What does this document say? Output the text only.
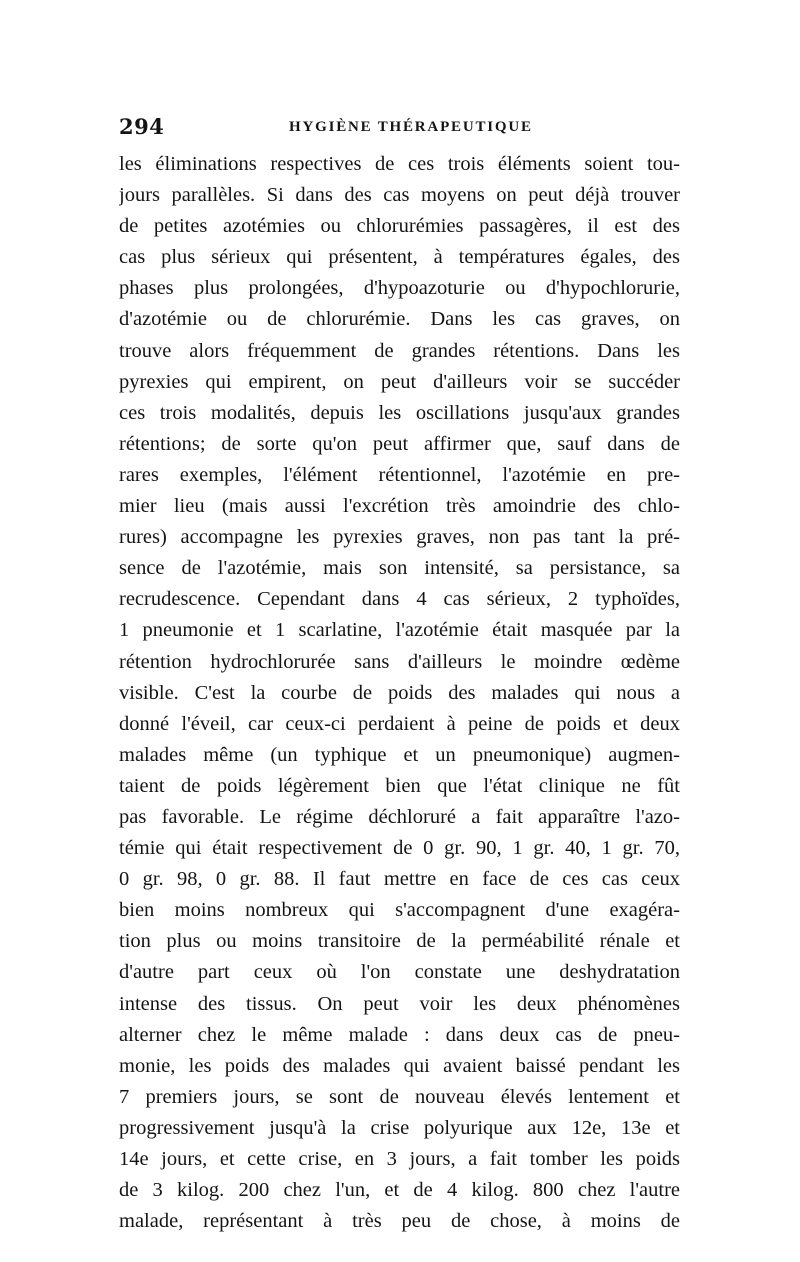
294	HYGIÈNE THÉRAPEUTIQUE
les éliminations respectives de ces trois éléments soient tou-
jours parallèles. Si dans des cas moyens on peut déjà trouver
de petites azotémies ou chlorurémies passagères, il est des
cas plus sérieux qui présentent, à températures égales, des
phases plus prolongées, d'hypoazoturie ou d'hypochlorurie,
d'azotémie ou de chlorurémie. Dans les cas graves, on
trouve alors fréquemment de grandes rétentions. Dans les
pyrexies qui empirent, on peut d'ailleurs voir se succéder
ces trois modalités, depuis les oscillations jusqu'aux grandes
rétentions; de sorte qu'on peut affirmer que, sauf dans de
rares exemples, l'élément rétentionnel, l'azotémie en pre-
mier lieu (mais aussi l'excrétion très amoindrie des chlo-
rures) accompagne les pyrexies graves, non pas tant la pré-
sence de l'azotémie, mais son intensité, sa persistance, sa
recrudescence. Cependant dans 4 cas sérieux, 2 typhoïdes,
1 pneumonie et 1 scarlatine, l'azotémie était masquée par la
rétention hydrochlorurée sans d'ailleurs le moindre œdème
visible. C'est la courbe de poids des malades qui nous a
donné l'éveil, car ceux-ci perdaient à peine de poids et deux
malades même (un typhique et un pneumonique) augmen-
taient de poids légèrement bien que l'état clinique ne fût
pas favorable. Le régime déchloruré a fait apparaître l'azo-
témie qui était respectivement de 0 gr. 90, 1 gr. 40, 1 gr. 70,
0 gr. 98, 0 gr. 88. Il faut mettre en face de ces cas ceux
bien moins nombreux qui s'accompagnent d'une exagéra-
tion plus ou moins transitoire de la perméabilité rénale et
d'autre part ceux où l'on constate une deshydratation
intense des tissus. On peut voir les deux phénomènes
alterner chez le même malade : dans deux cas de pneu-
monie, les poids des malades qui avaient baissé pendant les
7 premiers jours, se sont de nouveau élevés lentement et
progressivement jusqu'à la crise polyurique aux 12e, 13e et
14e jours, et cette crise, en 3 jours, a fait tomber les poids
de 3 kilog. 200 chez l'un, et de 4 kilog. 800 chez l'autre
malade, représentant à très peu de chose, à moins de
